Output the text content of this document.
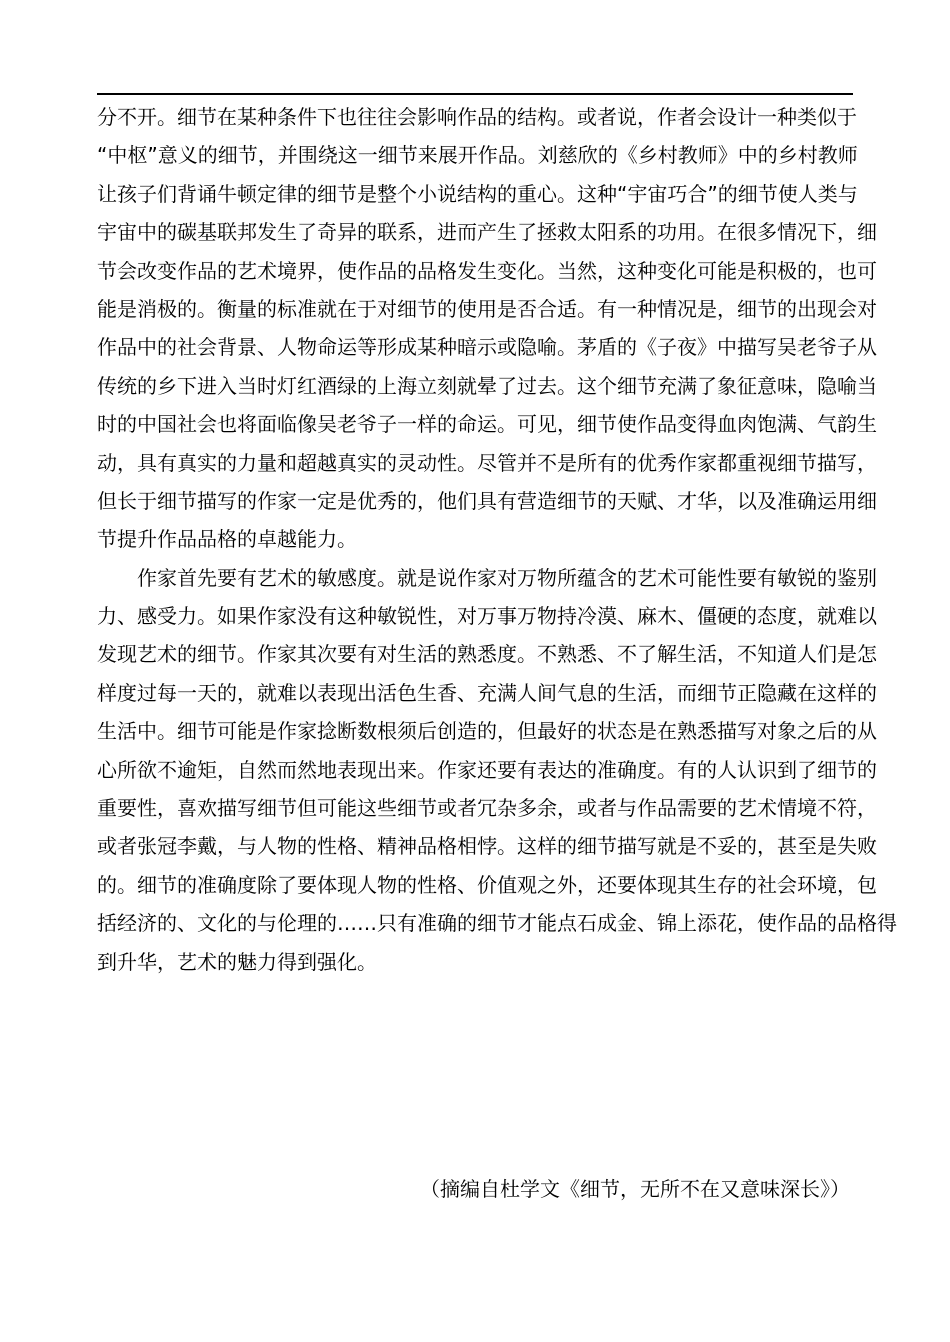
分不开。细节在某种条件下也往往会影响作品的结构。或者说，作者会设计一种类似于
“中枢”意义的细节，并围绕这一细节来展开作品。刘慈欣的《乡村教师》中的乡村教师
让孩子们背诵牛顿定律的细节是整个小说结构的重心。这种“宇宙巧合”的细节使人类与
宇宙中的碳基联邦发生了奇异的联系，进而产生了拯救太阳系的功用。在很多情况下，细
节会改变作品的艺术境界，使作品的品格发生变化。当然，这种变化可能是积极的，也可
能是消极的。衡量的标准就在于对细节的使用是否合适。有一种情况是，细节的出现会对
作品中的社会背景、人物命运等形成某种暗示或隐喻。茅盾的《子夜》中描写吴老爷子从
传统的乡下进入当时灯红酒绿的上海立刻就晕了过去。这个细节充满了象征意味，隐喻当
时的中国社会也将面临像吴老爷子一样的命运。可见，细节使作品变得血肉饱满、气韵生
动，具有真实的力量和超越真实的灵动性。尽管并不是所有的优秀作家都重视细节描写，
但长于细节描写的作家一定是优秀的，他们具有营造细节的天赋、才华，以及准确运用细
节提升作品品格的卓越能力。
作家首先要有艺术的敏感度。就是说作家对万物所蕴含的艺术可能性要有敏锐的鉴别
力、感受力。如果作家没有这种敏锐性，对万事万物持冷漠、麻木、僵硬的态度，就难以
发现艺术的细节。作家其次要有对生活的熟悉度。不熟悉、不了解生活，不知道人们是怎
样度过每一天的，就难以表现出活色生香、充满人间气息的生活，而细节正隐藏在这样的
生活中。细节可能是作家捻断数根须后创造的，但最好的状态是在熟悉描写对象之后的从
心所欲不逾矩，自然而然地表现出来。作家还要有表达的准确度。有的人认识到了细节的
重要性，喜欢描写细节但可能这些细节或者冗杂多余，或者与作品需要的艺术情境不符，
或者张冠李戴，与人物的性格、精神品格相悖。这样的细节描写就是不妥的，甚至是失败
的。细节的准确度除了要体现人物的性格、价值观之外，还要体现其生存的社会环境，包
括经济的、文化的与伦理的……只有准确的细节才能点石成金、锦上添花，使作品的品格得
到升华，艺术的魅力得到强化。
（摘编自杜学文《细节，无所不在又意味深长》）
